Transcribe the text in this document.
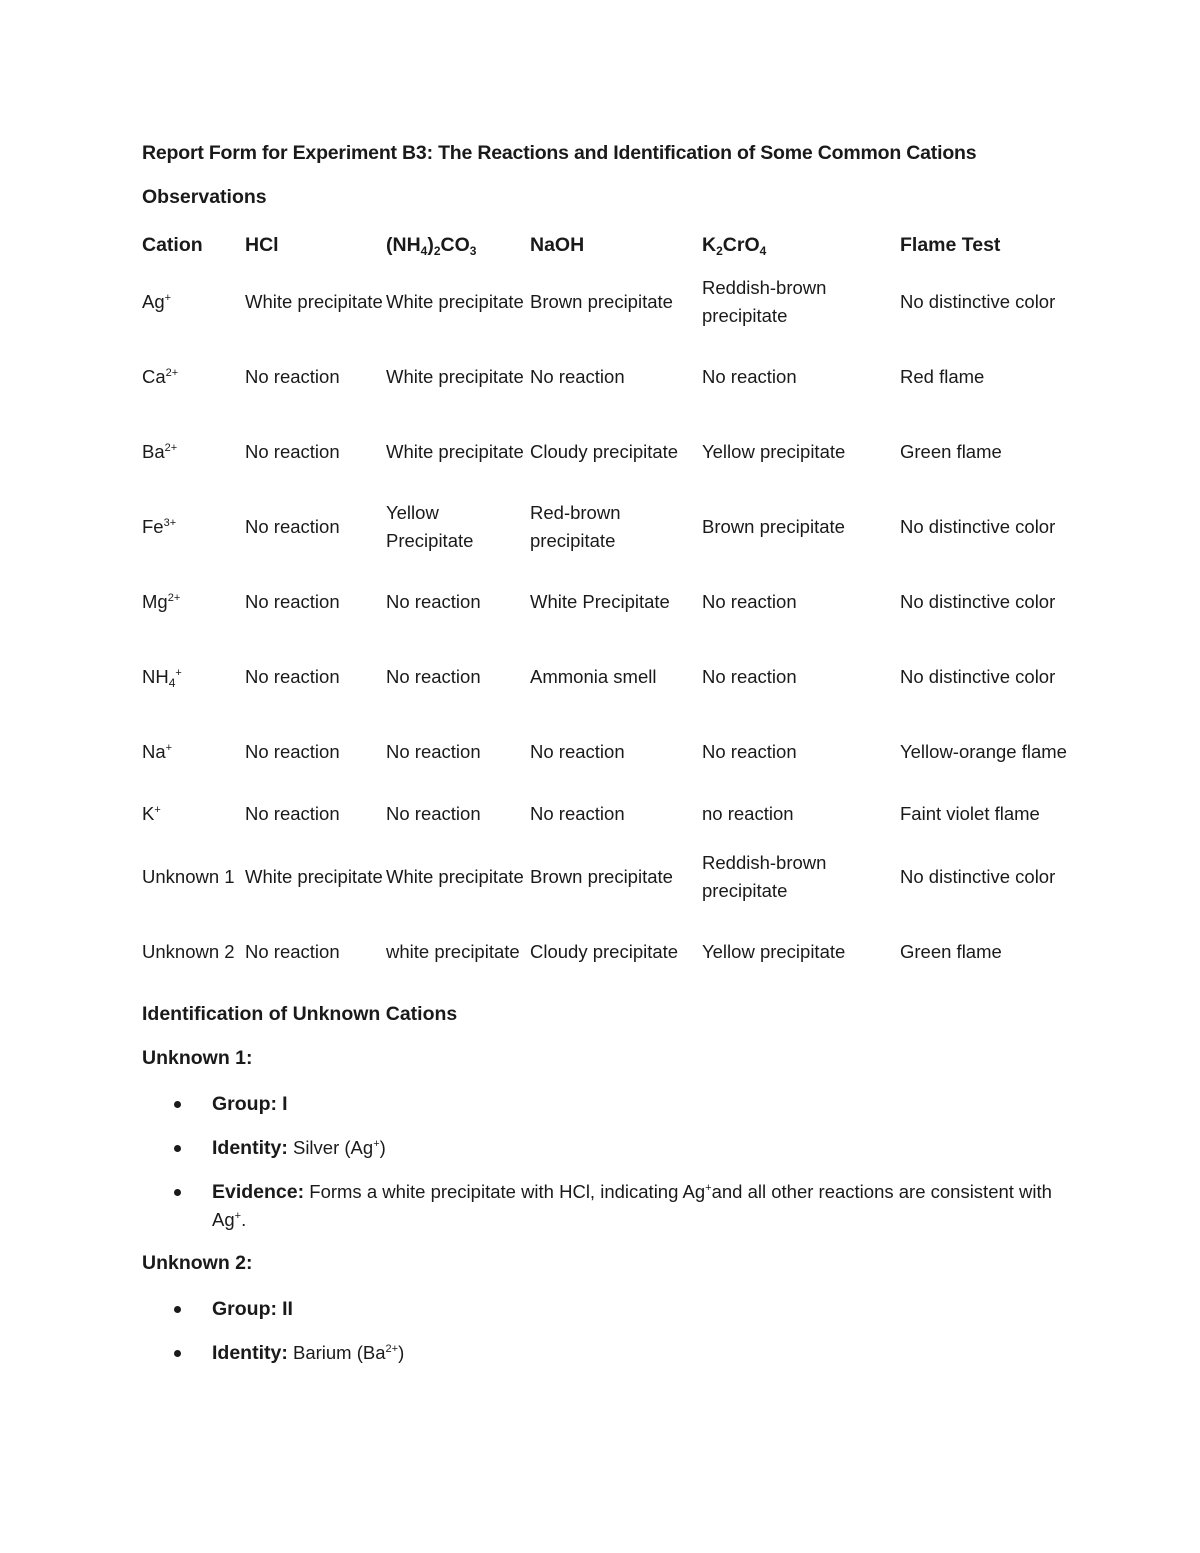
Report Form for Experiment B3: The Reactions and Identification of Some Common Cations
Observations
Cation	HCl	$(NH_4)_2CO_3$	NaOH	$K_2CrO_4$	Flame Test
Ag+	White precipitate	White precipitate	Brown precipitate	Reddish-brown precipitate	No distinctive color

$Ca^{2+}$	No reaction	White precipitate	No reaction	No reaction	Red flame

$Ba^{2+}$	No reaction	White precipitate	Cloudy precipitate	Yellow precipitate	Green flame

$Fe^{3+}$	No reaction	Yellow Precipitate	Red-brown precipitate	Brown precipitate	No distinctive color

$Mg^{2+}$	No reaction	No reaction	White Precipitate	No reaction	No distinctive color

$NH_4^+$	No reaction	No reaction	Ammonia smell	No reaction	No distinctive color

Na+	No reaction	No reaction	No reaction	No reaction	Yellow-orange flame

K+	No reaction	No reaction	No reaction	no reaction	Faint violet flame

Unknown 1	White precipitate	White precipitate	Brown precipitate	Reddish-brown precipitate	No distinctive color

Unknown 2	No reaction	white precipitate	Cloudy precipitate	Yellow precipitate	Green flame
Identification of Unknown Cations
Unknown 1:
Group: I
Identity: Silver (Ag+)
Evidence: Forms a white precipitate with HCl, indicating Ag+and all other reactions are consistent with Ag+.
Unknown 2:
Group: II
Identity: Barium $(Ba^{2+})$
